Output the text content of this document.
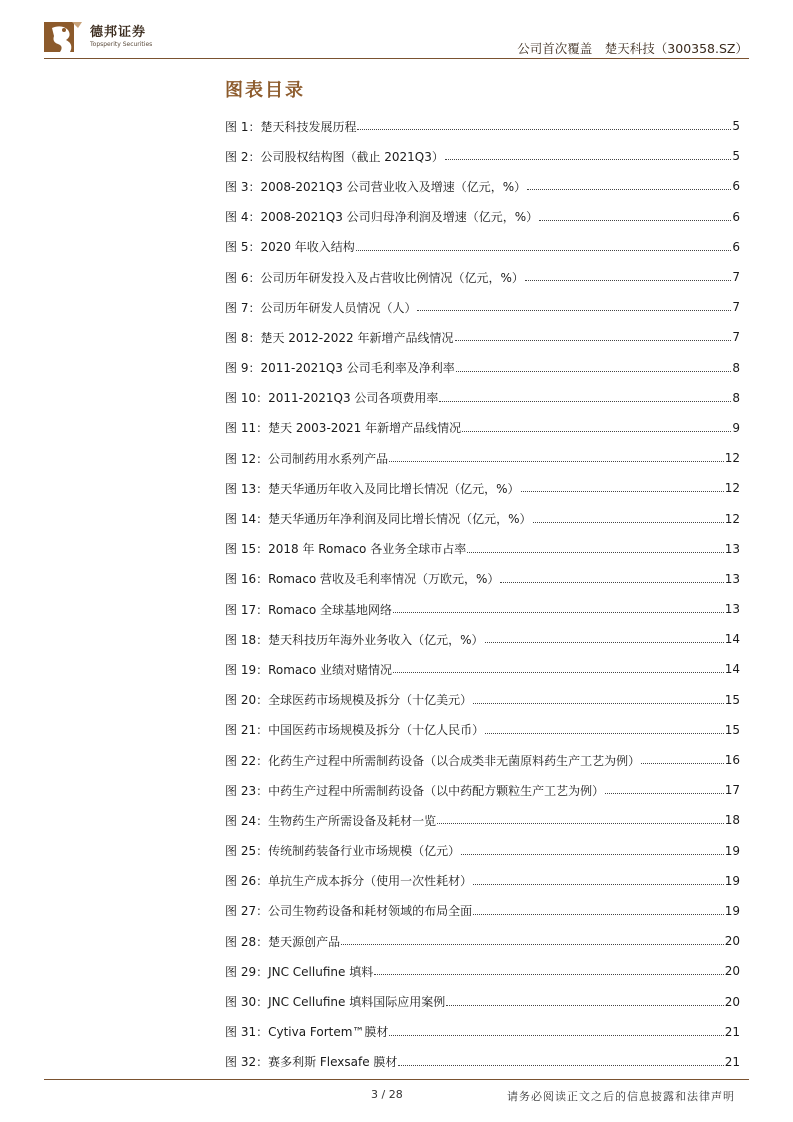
德邦证券
Topsperity Securities	公司首次覆盖　楚天科技（300358.SZ）
图表目录
图 1：楚天科技发展历程	5
图 2：公司股权结构图（截止 2021Q3）	5
图 3：2008-2021Q3 公司营业收入及增速（亿元，%）	6
图 4：2008-2021Q3 公司归母净利润及增速（亿元，%）	6
图 5：2020 年收入结构	6
图 6：公司历年研发投入及占营收比例情况（亿元，%）	7
图 7：公司历年研发人员情况（人）	7
图 8：楚天 2012-2022 年新增产品线情况	7
图 9：2011-2021Q3 公司毛利率及净利率	8
图 10：2011-2021Q3 公司各项费用率	8
图 11：楚天 2003-2021 年新增产品线情况	9
图 12：公司制药用水系列产品	12
图 13：楚天华通历年收入及同比增长情况（亿元，%）	12
图 14：楚天华通历年净利润及同比增长情况（亿元，%）	12
图 15：2018 年 Romaco 各业务全球市占率	13
图 16：Romaco 营收及毛利率情况（万欧元，%）	13
图 17：Romaco 全球基地网络	13
图 18：楚天科技历年海外业务收入（亿元，%）	14
图 19：Romaco 业绩对赌情况	14
图 20：全球医药市场规模及拆分（十亿美元）	15
图 21：中国医药市场规模及拆分（十亿人民币）	15
图 22：化药生产过程中所需制药设备（以合成类非无菌原料药生产工艺为例）	16
图 23：中药生产过程中所需制药设备（以中药配方颗粒生产工艺为例）	17
图 24：生物药生产所需设备及耗材一览	18
图 25：传统制药装备行业市场规模（亿元）	19
图 26：单抗生产成本拆分（使用一次性耗材）	19
图 27：公司生物药设备和耗材领域的布局全面	19
图 28：楚天源创产品	20
图 29：JNC Cellufine 填料	20
图 30：JNC Cellufine 填料国际应用案例	20
图 31：Cytiva Fortem™膜材	21
图 32：赛多利斯 Flexsafe 膜材	21
3 / 28	请务必阅读正文之后的信息披露和法律声明
